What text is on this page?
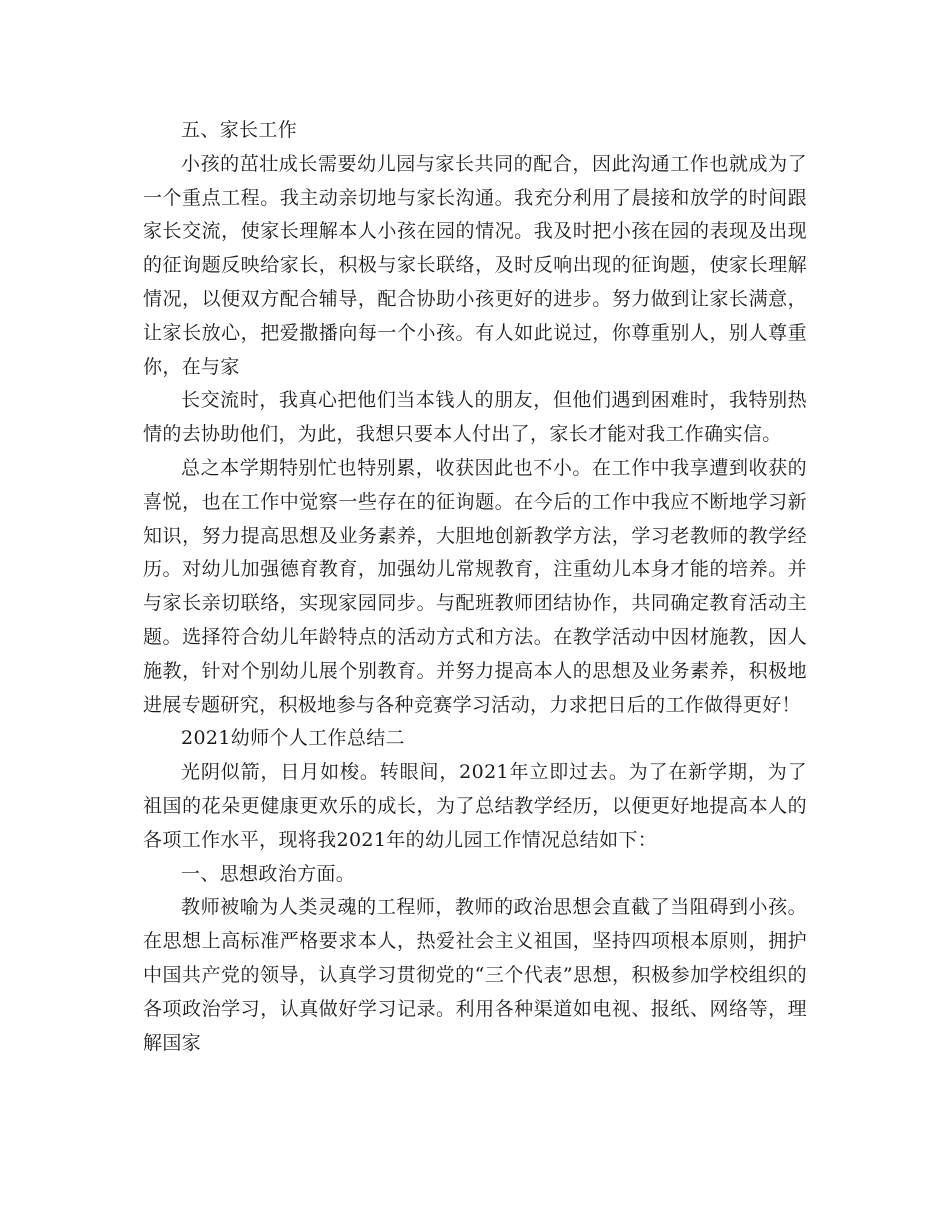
五、家长工作

小孩的茁壮成长需要幼儿园与家长共同的配合，因此沟通工作也就成为了一个重点工程。我主动亲切地与家长沟通。我充分利用了晨接和放学的时间跟家长交流，使家长理解本人小孩在园的情况。我及时把小孩在园的表现及出现的征询题反映给家长，积极与家长联络，及时反响出现的征询题，使家长理解情况，以便双方配合辅导，配合协助小孩更好的进步。努力做到让家长满意，让家长放心，把爱撒播向每一个小孩。有人如此说过，你尊重别人，别人尊重你，在与家

长交流时，我真心把他们当本钱人的朋友，但他们遇到困难时，我特别热情的去协助他们，为此，我想只要本人付出了，家长才能对我工作确实信。

总之本学期特别忙也特别累，收获因此也不小。在工作中我享遭到收获的喜悦，也在工作中觉察一些存在的征询题。在今后的工作中我应不断地学习新知识，努力提高思想及业务素养，大胆地创新教学方法，学习老教师的教学经历。对幼儿加强德育教育，加强幼儿常规教育，注重幼儿本身才能的培养。并与家长亲切联络，实现家园同步。与配班教师团结协作，共同确定教育活动主题。选择符合幼儿年龄特点的活动方式和方法。在教学活动中因材施教，因人施教，针对个别幼儿展个别教育。并努力提高本人的思想及业务素养，积极地进展专题研究，积极地参与各种竞赛学习活动，力求把日后的工作做得更好！

2021幼师个人工作总结二

光阴似箭，日月如梭。转眼间，2021年立即过去。为了在新学期，为了祖国的花朵更健康更欢乐的成长，为了总结教学经历，以便更好地提高本人的各项工作水平，现将我2021年的幼儿园工作情况总结如下：

一、思想政治方面。

教师被喻为人类灵魂的工程师，教师的政治思想会直截了当阻碍到小孩。在思想上高标准严格要求本人，热爱社会主义祖国，坚持四项根本原则，拥护中国共产党的领导，认真学习贯彻党的“三个代表”思想，积极参加学校组织的各项政治学习，认真做好学习记录。利用各种渠道如电视、报纸、网络等，理解国家
